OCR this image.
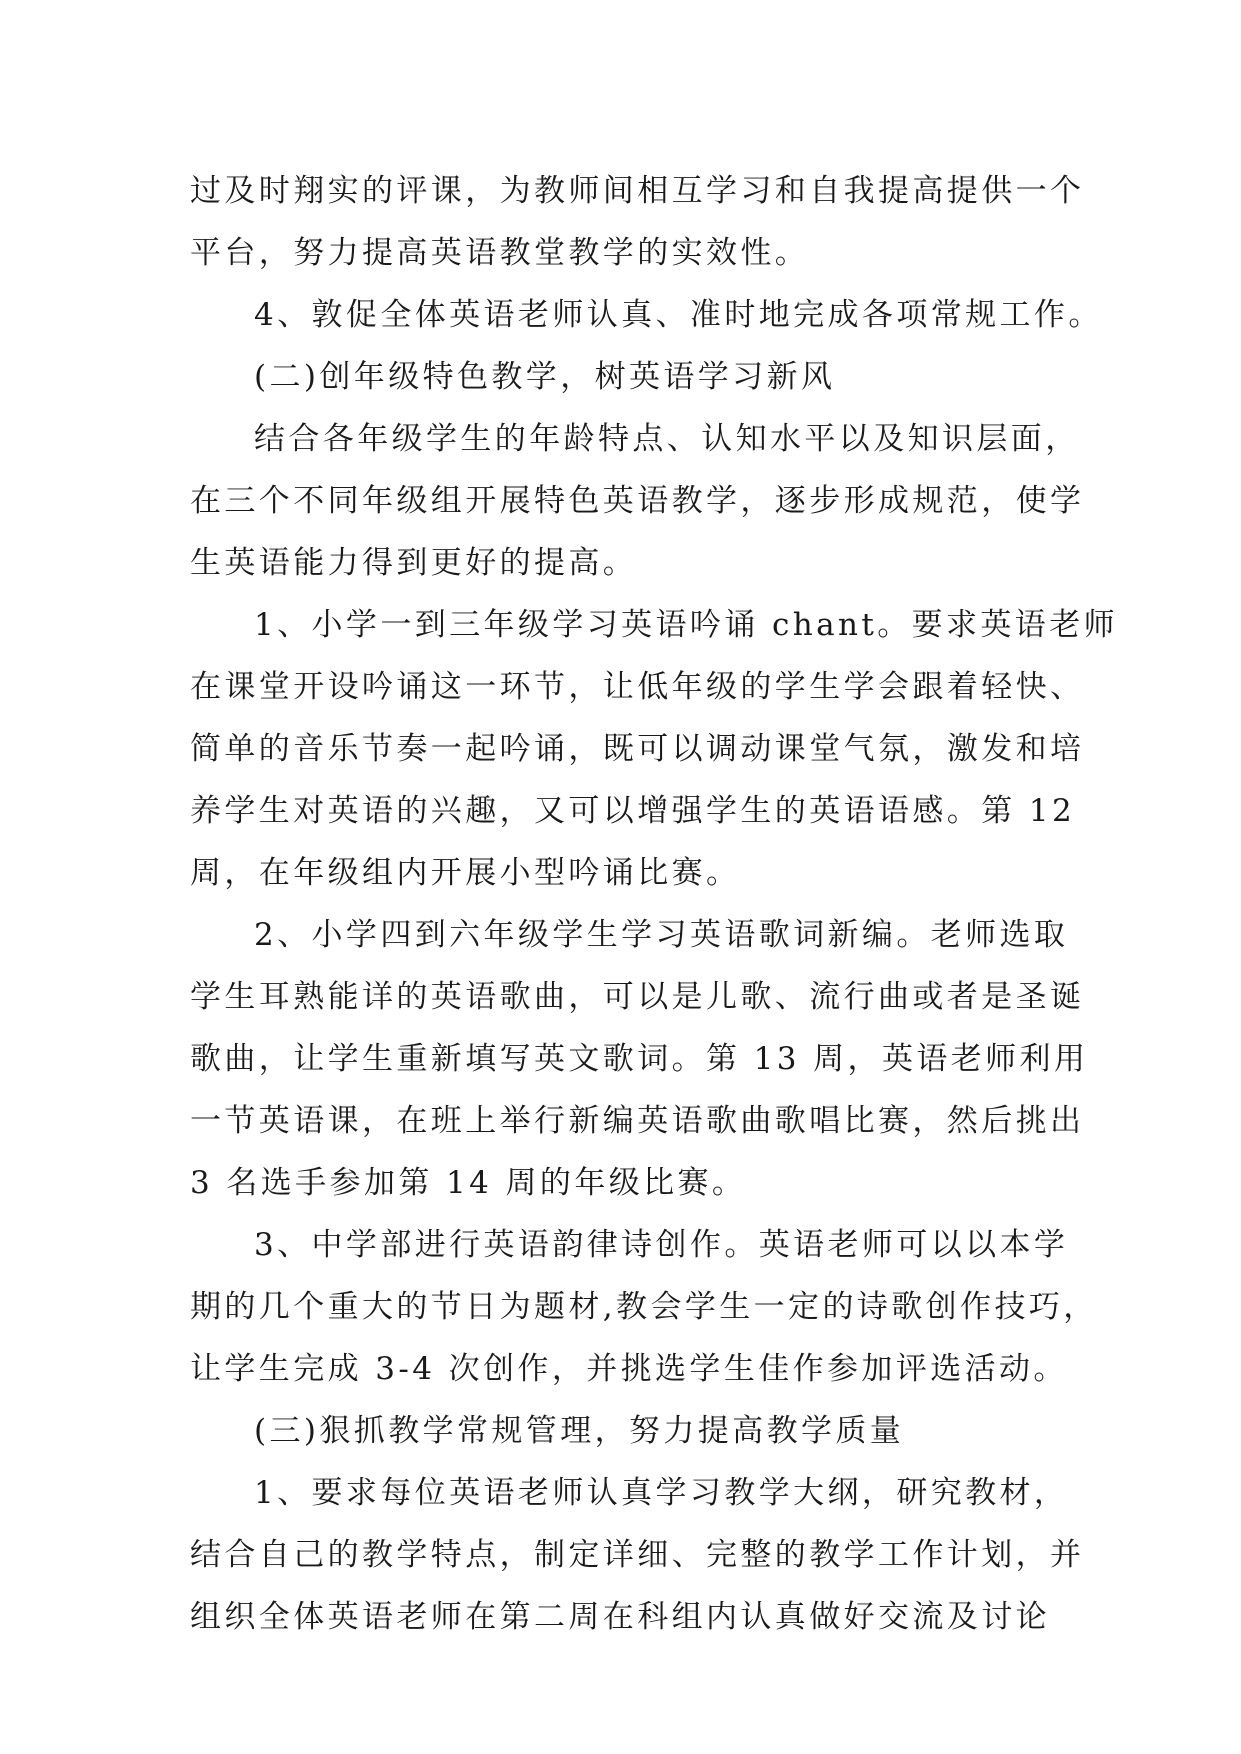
过及时翔实的评课，为教师间相互学习和自我提高提供一个
平台，努力提高英语教堂教学的实效性。
4、敦促全体英语老师认真、准时地完成各项常规工作。
(二)创年级特色教学，树英语学习新风
结合各年级学生的年龄特点、认知水平以及知识层面，
在三个不同年级组开展特色英语教学，逐步形成规范，使学
生英语能力得到更好的提高。
1、小学一到三年级学习英语吟诵 chant。要求英语老师
在课堂开设吟诵这一环节，让低年级的学生学会跟着轻快、
简单的音乐节奏一起吟诵，既可以调动课堂气氛，激发和培
养学生对英语的兴趣，又可以增强学生的英语语感。第 12
周，在年级组内开展小型吟诵比赛。
2、小学四到六年级学生学习英语歌词新编。老师选取
学生耳熟能详的英语歌曲，可以是儿歌、流行曲或者是圣诞
歌曲，让学生重新填写英文歌词。第 13 周，英语老师利用
一节英语课，在班上举行新编英语歌曲歌唱比赛，然后挑出
3 名选手参加第 14 周的年级比赛。
3、中学部进行英语韵律诗创作。英语老师可以以本学
期的几个重大的节日为题材,教会学生一定的诗歌创作技巧，
让学生完成 3-4 次创作，并挑选学生佳作参加评选活动。
(三)狠抓教学常规管理，努力提高教学质量
1、要求每位英语老师认真学习教学大纲，研究教材，
结合自己的教学特点，制定详细、完整的教学工作计划，并
组织全体英语老师在第二周在科组内认真做好交流及讨论
